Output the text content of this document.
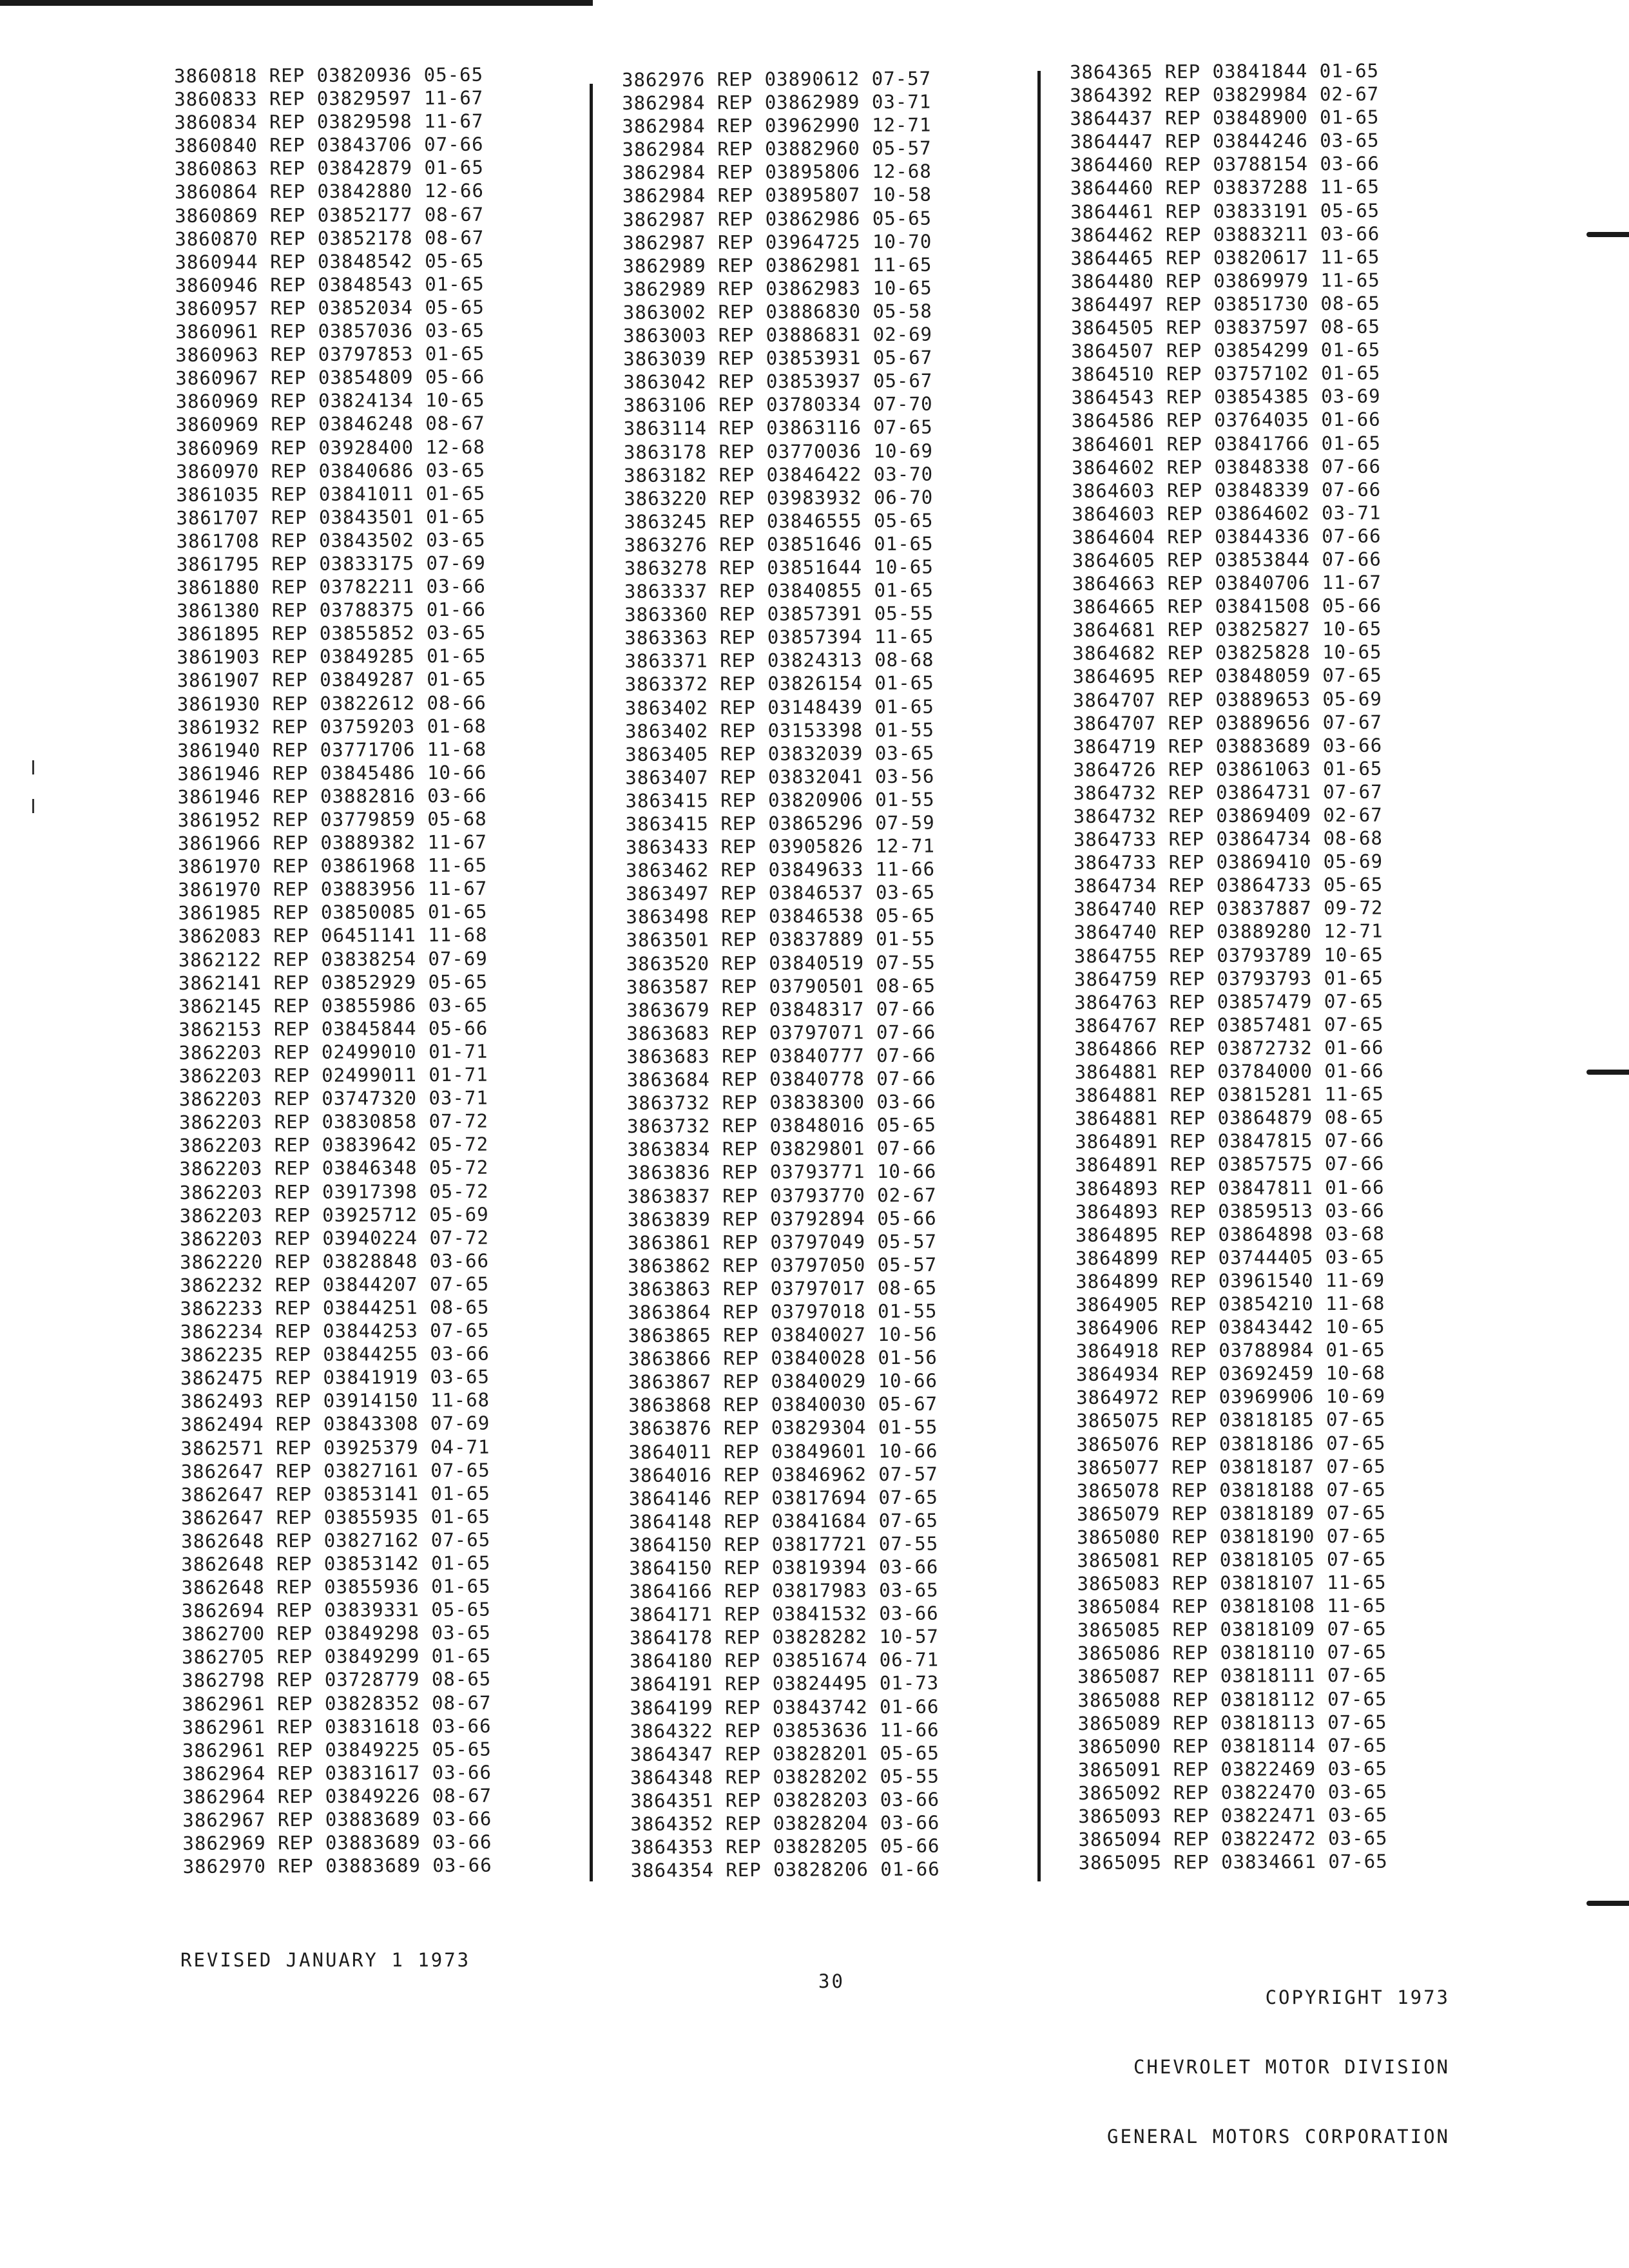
3860818 REP 03820936 05-65
3860833 REP 03829597 11-67
3860834 REP 03829598 11-67
3860840 REP 03843706 07-66
3860863 REP 03842879 01-65
3860864 REP 03842880 12-66
3860869 REP 03852177 08-67
3860870 REP 03852178 08-67
3860944 REP 03848542 05-65
3860946 REP 03848543 01-65
3860957 REP 03852034 05-65
3860961 REP 03857036 03-65
3860963 REP 03797853 01-65
3860967 REP 03854809 05-66
3860969 REP 03824134 10-65
3860969 REP 03846248 08-67
3860969 REP 03928400 12-68
3860970 REP 03840686 03-65
3861035 REP 03841011 01-65
3861707 REP 03843501 01-65
3861708 REP 03843502 03-65
3861795 REP 03833175 07-69
3861880 REP 03782211 03-66
3861380 REP 03788375 01-66
3861895 REP 03855852 03-65
3861903 REP 03849285 01-65
3861907 REP 03849287 01-65
3861930 REP 03822612 08-66
3861932 REP 03759203 01-68
3861940 REP 03771706 11-68
3861946 REP 03845486 10-66
3861946 REP 03882816 03-66
3861952 REP 03779859 05-68
3861966 REP 03889382 11-67
3861970 REP 03861968 11-65
3861970 REP 03883956 11-67
3861985 REP 03850085 01-65
3862083 REP 06451141 11-68
3862122 REP 03838254 07-69
3862141 REP 03852929 05-65
3862145 REP 03855986 03-65
3862153 REP 03845844 05-66
3862203 REP 02499010 01-71
3862203 REP 02499011 01-71
3862203 REP 03747320 03-71
3862203 REP 03830858 07-72
3862203 REP 03839642 05-72
3862203 REP 03846348 05-72
3862203 REP 03917398 05-72
3862203 REP 03925712 05-69
3862203 REP 03940224 07-72
3862220 REP 03828848 03-66
3862232 REP 03844207 07-65
3862233 REP 03844251 08-65
3862234 REP 03844253 07-65
3862235 REP 03844255 03-66
3862475 REP 03841919 03-65
3862493 REP 03914150 11-68
3862494 REP 03843308 07-69
3862571 REP 03925379 04-71
3862647 REP 03827161 07-65
3862647 REP 03853141 01-65
3862647 REP 03855935 01-65
3862648 REP 03827162 07-65
3862648 REP 03853142 01-65
3862648 REP 03855936 01-65
3862694 REP 03839331 05-65
3862700 REP 03849298 03-65
3862705 REP 03849299 01-65
3862798 REP 03728779 08-65
3862961 REP 03828352 08-67
3862961 REP 03831618 03-66
3862961 REP 03849225 05-65
3862964 REP 03831617 03-66
3862964 REP 03849226 08-67
3862967 REP 03883689 03-66
3862969 REP 03883689 03-66
3862970 REP 03883689 03-66
3862976 REP 03890612 07-57
3862984 REP 03862989 03-71
3862984 REP 03962990 12-71
3862984 REP 03882960 05-57
3862984 REP 03895806 12-68
3862984 REP 03895807 10-58
3862987 REP 03862986 05-65
3862987 REP 03964725 10-70
3862989 REP 03862981 11-65
3862989 REP 03862983 10-65
3863002 REP 03886830 05-58
3863003 REP 03886831 02-69
3863039 REP 03853931 05-67
3863042 REP 03853937 05-67
3863106 REP 03780334 07-70
3863114 REP 03863116 07-65
3863178 REP 03770036 10-69
3863182 REP 03846422 03-70
3863220 REP 03983932 06-70
3863245 REP 03846555 05-65
3863276 REP 03851646 01-65
3863278 REP 03851644 10-65
3863337 REP 03840855 01-65
3863360 REP 03857391 05-55
3863363 REP 03857394 11-65
3863371 REP 03824313 08-68
3863372 REP 03826154 01-65
3863402 REP 03148439 01-65
3863402 REP 03153398 01-55
3863405 REP 03832039 03-65
3863407 REP 03832041 03-56
3863415 REP 03820906 01-55
3863415 REP 03865296 07-59
3863433 REP 03905826 12-71
3863462 REP 03849633 11-66
3863497 REP 03846537 03-65
3863498 REP 03846538 05-65
3863501 REP 03837889 01-55
3863520 REP 03840519 07-55
3863587 REP 03790501 08-65
3863679 REP 03848317 07-66
3863683 REP 03797071 07-66
3863683 REP 03840777 07-66
3863684 REP 03840778 07-66
3863732 REP 03838300 03-66
3863732 REP 03848016 05-65
3863834 REP 03829801 07-66
3863836 REP 03793771 10-66
3863837 REP 03793770 02-67
3863839 REP 03792894 05-66
3863861 REP 03797049 05-57
3863862 REP 03797050 05-57
3863863 REP 03797017 08-65
3863864 REP 03797018 01-55
3863865 REP 03840027 10-56
3863866 REP 03840028 01-56
3863867 REP 03840029 10-66
3863868 REP 03840030 05-67
3863876 REP 03829304 01-55
3864011 REP 03849601 10-66
3864016 REP 03846962 07-57
3864146 REP 03817694 07-65
3864148 REP 03841684 07-65
3864150 REP 03817721 07-55
3864150 REP 03819394 03-66
3864166 REP 03817983 03-65
3864171 REP 03841532 03-66
3864178 REP 03828282 10-57
3864180 REP 03851674 06-71
3864191 REP 03824495 01-73
3864199 REP 03843742 01-66
3864322 REP 03853636 11-66
3864347 REP 03828201 05-65
3864348 REP 03828202 05-55
3864351 REP 03828203 03-66
3864352 REP 03828204 03-66
3864353 REP 03828205 05-66
3864354 REP 03828206 01-66
3864365 REP 03841844 01-65
3864392 REP 03829984 02-67
3864437 REP 03848900 01-65
3864447 REP 03844246 03-65
3864460 REP 03788154 03-66
3864460 REP 03837288 11-65
3864461 REP 03833191 05-65
3864462 REP 03883211 03-66
3864465 REP 03820617 11-65
3864480 REP 03869979 11-65
3864497 REP 03851730 08-65
3864505 REP 03837597 08-65
3864507 REP 03854299 01-65
3864510 REP 03757102 01-65
3864543 REP 03854385 03-69
3864586 REP 03764035 01-66
3864601 REP 03841766 01-65
3864602 REP 03848338 07-66
3864603 REP 03848339 07-66
3864603 REP 03864602 03-71
3864604 REP 03844336 07-66
3864605 REP 03853844 07-66
3864663 REP 03840706 11-67
3864665 REP 03841508 05-66
3864681 REP 03825827 10-65
3864682 REP 03825828 10-65
3864695 REP 03848059 07-65
3864707 REP 03889653 05-69
3864707 REP 03889656 07-67
3864719 REP 03883689 03-66
3864726 REP 03861063 01-65
3864732 REP 03864731 07-67
3864732 REP 03869409 02-67
3864733 REP 03864734 08-68
3864733 REP 03869410 05-69
3864734 REP 03864733 05-65
3864740 REP 03837887 09-72
3864740 REP 03889280 12-71
3864755 REP 03793789 10-65
3864759 REP 03793793 01-65
3864763 REP 03857479 07-65
3864767 REP 03857481 07-65
3864866 REP 03872732 01-66
3864881 REP 03784000 01-66
3864881 REP 03815281 11-65
3864881 REP 03864879 08-65
3864891 REP 03847815 07-66
3864891 REP 03857575 07-66
3864893 REP 03847811 01-66
3864893 REP 03859513 03-66
3864895 REP 03864898 03-68
3864899 REP 03744405 03-65
3864899 REP 03961540 11-69
3864905 REP 03854210 11-68
3864906 REP 03843442 10-65
3864918 REP 03788984 01-65
3864934 REP 03692459 10-68
3864972 REP 03969906 10-69
3865075 REP 03818185 07-65
3865076 REP 03818186 07-65
3865077 REP 03818187 07-65
3865078 REP 03818188 07-65
3865079 REP 03818189 07-65
3865080 REP 03818190 07-65
3865081 REP 03818105 07-65
3865083 REP 03818107 11-65
3865084 REP 03818108 11-65
3865085 REP 03818109 07-65
3865086 REP 03818110 07-65
3865087 REP 03818111 07-65
3865088 REP 03818112 07-65
3865089 REP 03818113 07-65
3865090 REP 03818114 07-65
3865091 REP 03822469 03-65
3865092 REP 03822470 03-65
3865093 REP 03822471 03-65
3865094 REP 03822472 03-65
3865095 REP 03834661 07-65
REVISED JANUARY 1 1973
30

COPYRIGHT 1973

CHEVROLET MOTOR DIVISION

GENERAL MOTORS CORPORATION
